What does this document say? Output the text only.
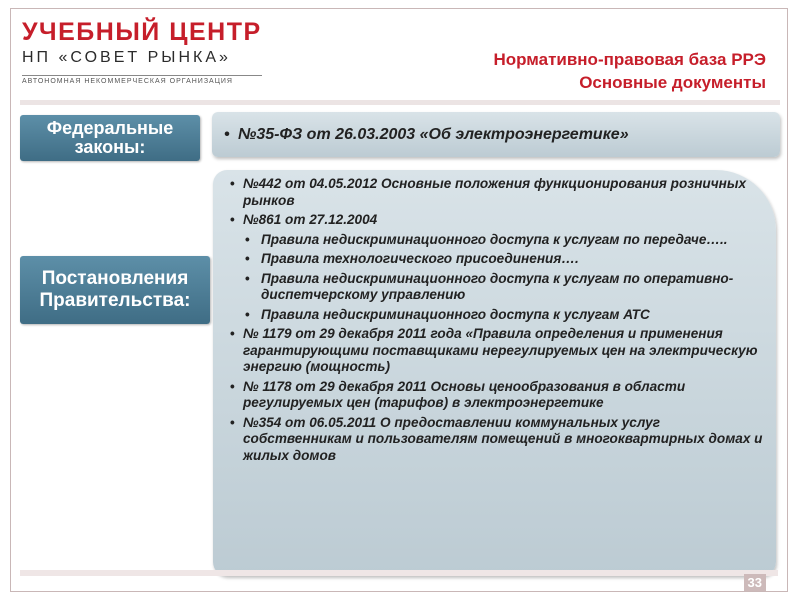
УЧЕБНЫЙ ЦЕНТР
НП «СОВЕТ РЫНКА»
АВТОНОМНАЯ НЕКОММЕРЧЕСКАЯ ОРГАНИЗАЦИЯ
Нормативно-правовая база РРЭ
Основные документы
Федеральные законы:
• №35-ФЗ от 26.03.2003 «Об электроэнергетике»
Постановления Правительства:
• №442 от 04.05.2012 Основные положения функционирования розничных рынков
• №861 от 27.12.2004
• Правила недискриминационного доступа к услугам по передаче…..
• Правила технологического присоединения….
• Правила недискриминационного доступа к услугам по оперативно- диспетчерскому управлению
• Правила недискриминационного доступа к услугам АТС
• № 1179 от 29 декабря 2011 года «Правила определения и применения гарантирующими поставщиками нерегулируемых цен на электрическую энергию (мощность)
• № 1178 от 29 декабря 2011 Основы ценообразования в области регулируемых цен (тарифов) в электроэнергетике
• №354 от 06.05.2011 О предоставлении коммунальных услуг собственникам и пользователям помещений в многоквартирных домах и жилых домов
33
